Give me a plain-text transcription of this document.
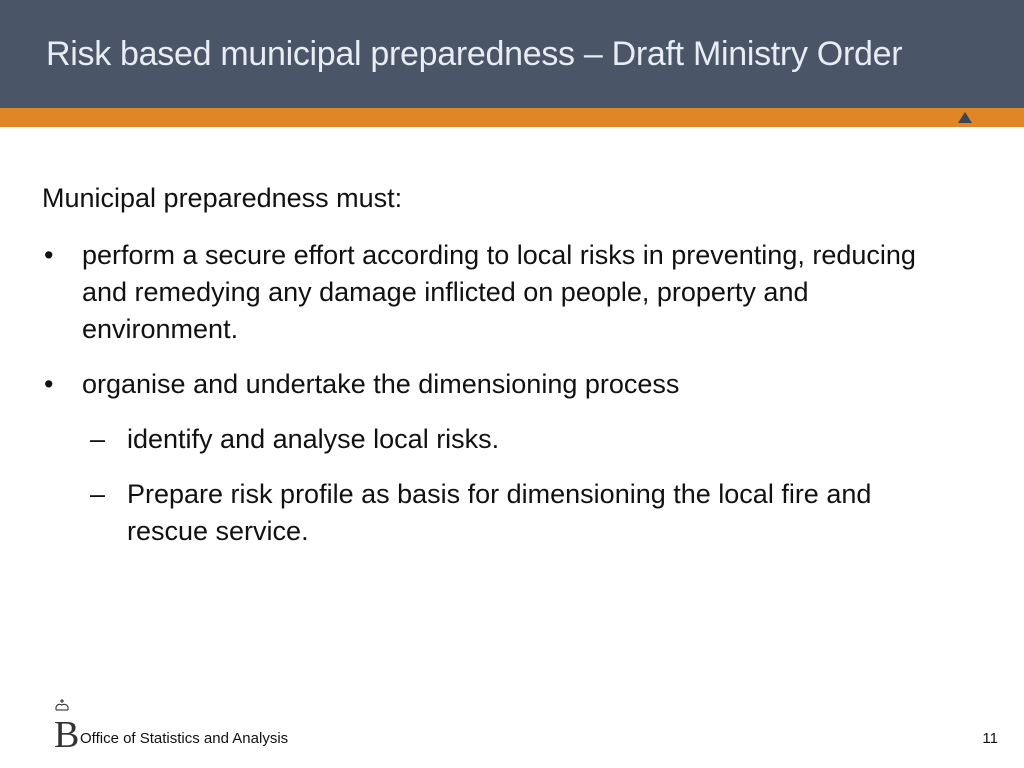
Risk based municipal preparedness – Draft Ministry Order
Municipal preparedness must:
• perform a secure effort according to local risks in preventing, reducing and remedying any damage inflicted on people, property and environment.
• organise and undertake the dimensioning process
– identify and analyse local risks.
– Prepare risk profile as basis for dimensioning the local fire and rescue service.
B Office of Statistics and Analysis	11
